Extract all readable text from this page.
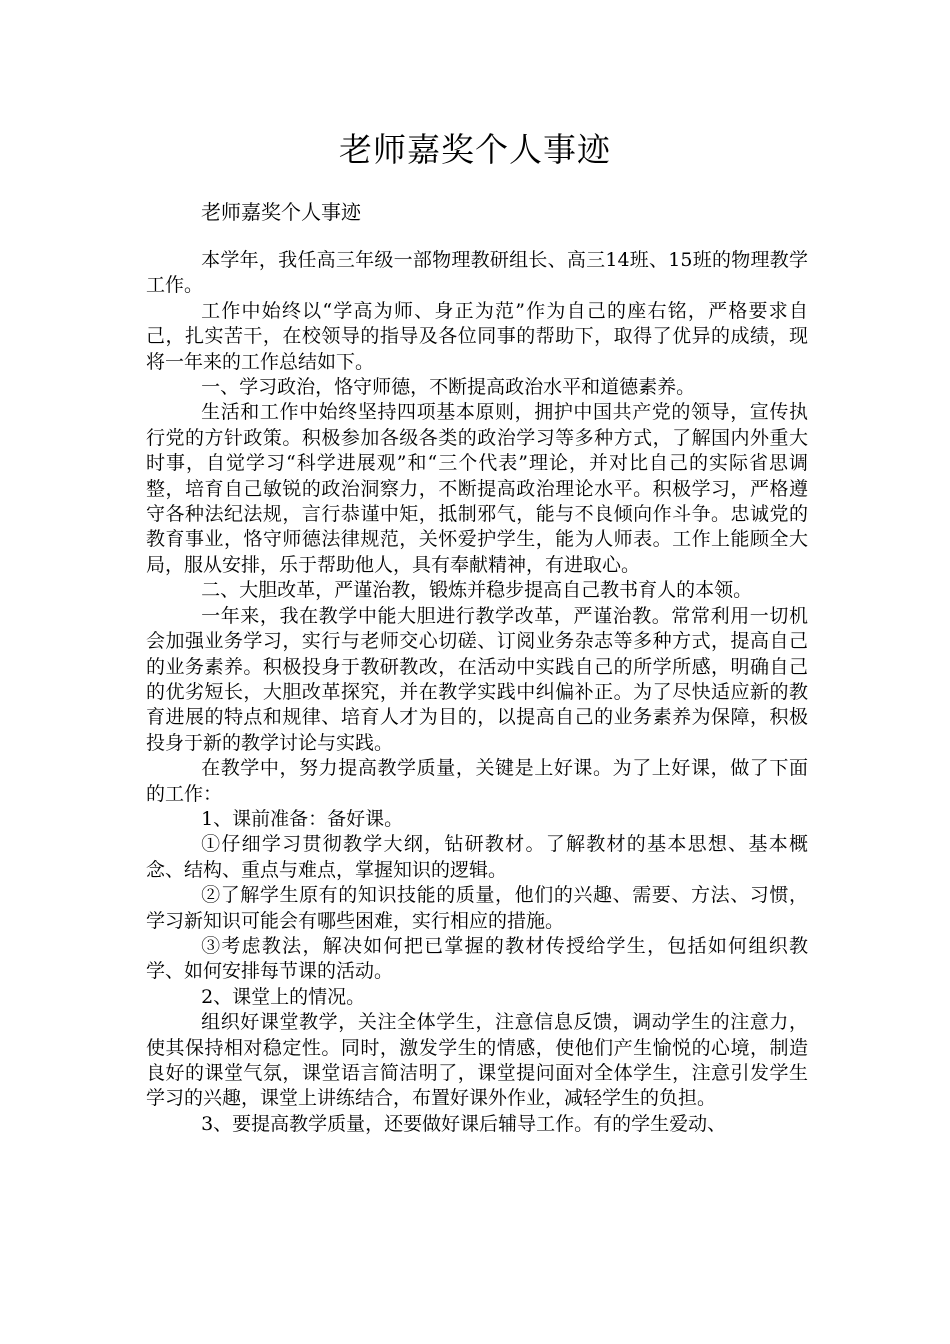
老师嘉奖个人事迹

老师嘉奖个人事迹

本学年，我任高三年级一部物理教研组长、高三14班、15班的物理教学工作。

工作中始终以“学高为师、身正为范”作为自己的座右铭，严格要求自己，扎实苦干，在校领导的指导及各位同事的帮助下，取得了优异的成绩，现将一年来的工作总结如下。

一、学习政治，恪守师德，不断提高政治水平和道德素养。

生活和工作中始终坚持四项基本原则，拥护中国共产党的领导，宣传执行党的方针政策。积极参加各级各类的政治学习等多种方式，了解国内外重大时事，自觉学习“科学进展观”和“三个代表”理论，并对比自己的实际省思调整，培育自己敏锐的政治洞察力，不断提高政治理论水平。积极学习，严格遵守各种法纪法规，言行恭谨中矩，抵制邪气，能与不良倾向作斗争。忠诚党的教育事业，恪守师德法律规范，关怀爱护学生，能为人师表。工作上能顾全大局，服从安排，乐于帮助他人，具有奉献精神，有进取心。

二、大胆改革，严谨治教，锻炼并稳步提高自己教书育人的本领。

一年来，我在教学中能大胆进行教学改革，严谨治教。常常利用一切机会加强业务学习，实行与老师交心切磋、订阅业务杂志等多种方式，提高自己的业务素养。积极投身于教研教改，在活动中实践自己的所学所感，明确自己的优劣短长，大胆改革探究，并在教学实践中纠偏补正。为了尽快适应新的教育进展的特点和规律、培育人才为目的，以提高自己的业务素养为保障，积极投身于新的教学讨论与实践。

在教学中，努力提高教学质量，关键是上好课。为了上好课，做了下面的工作：

1、课前准备：备好课。

①仔细学习贯彻教学大纲，钻研教材。了解教材的基本思想、基本概念、结构、重点与难点，掌握知识的逻辑。

②了解学生原有的知识技能的质量，他们的兴趣、需要、方法、习惯，学习新知识可能会有哪些困难，实行相应的措施。

③考虑教法，解决如何把已掌握的教材传授给学生，包括如何组织教学、如何安排每节课的活动。

2、课堂上的情况。

组织好课堂教学，关注全体学生，注意信息反馈，调动学生的注意力，使其保持相对稳定性。同时，激发学生的情感，使他们产生愉悦的心境，制造良好的课堂气氛，课堂语言简洁明了，课堂提问面对全体学生，注意引发学生学习的兴趣，课堂上讲练结合，布置好课外作业，减轻学生的负担。

3、要提高教学质量，还要做好课后辅导工作。有的学生爱动、
